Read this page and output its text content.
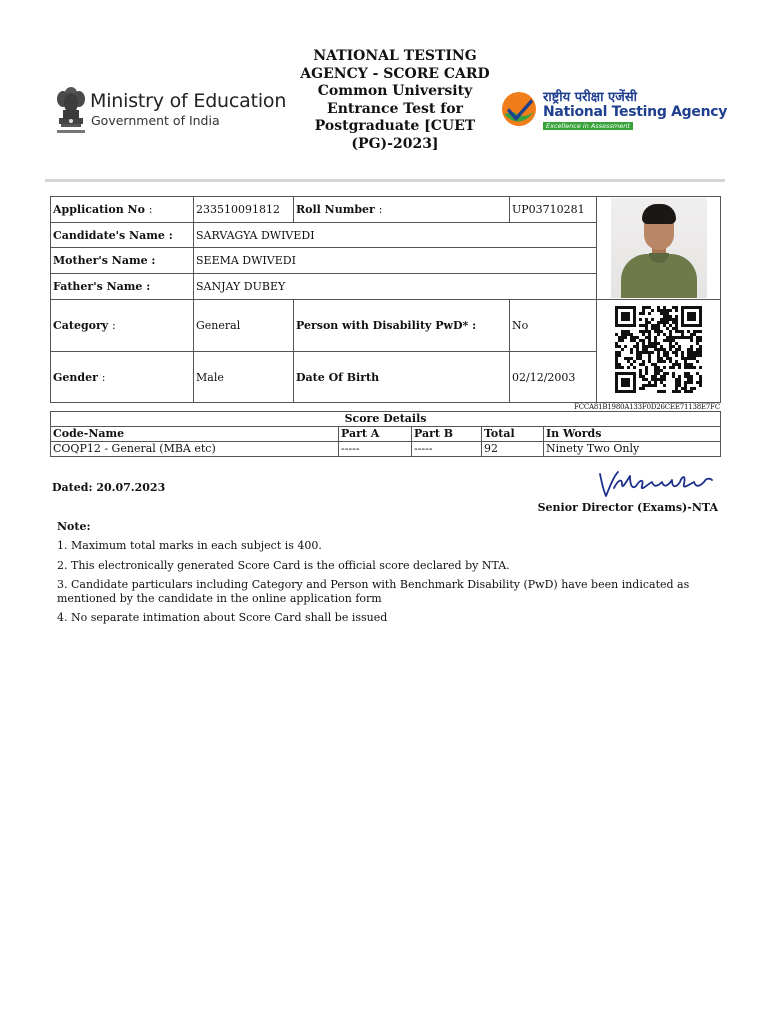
Ministry of Education
Government of India
NATIONAL TESTING
AGENCY - SCORE CARD
Common University
Entrance Test for
Postgraduate [CUET
(PG)-2023]
राष्ट्रीय परीक्षा एजेंसी
National Testing Agency
Excellence in Assessment
Application No :	233510091812	Roll Number :	UP03710281	

Candidate's Name :	SARVAGYA DWIVEDI			
Mother's Name :	SEEMA DWIVEDI			
Father's Name :	SANJAY DUBEY			
Category :	General	Person with Disability PwD* :	No	

Gender :	Male	Date Of Birth	02/12/2003	
FCCA81B1980A133F0D26CEE71138E7FC
Score Details				
Code-Name	Part A	Part B	Total	In Words
COQP12 - General (MBA etc)	-----	-----	92	Ninety Two Only
Dated: 20.07.2023
Senior Director (Exams)-NTA

Note:

1. Maximum total marks in each subject is 400.

2. This electronically generated Score Card is the official score declared by NTA.

3. Candidate particulars including Category and Person with Benchmark Disability (PwD) have been indicated as mentioned by the candidate in the online application form

4. No separate intimation about Score Card shall be issued
